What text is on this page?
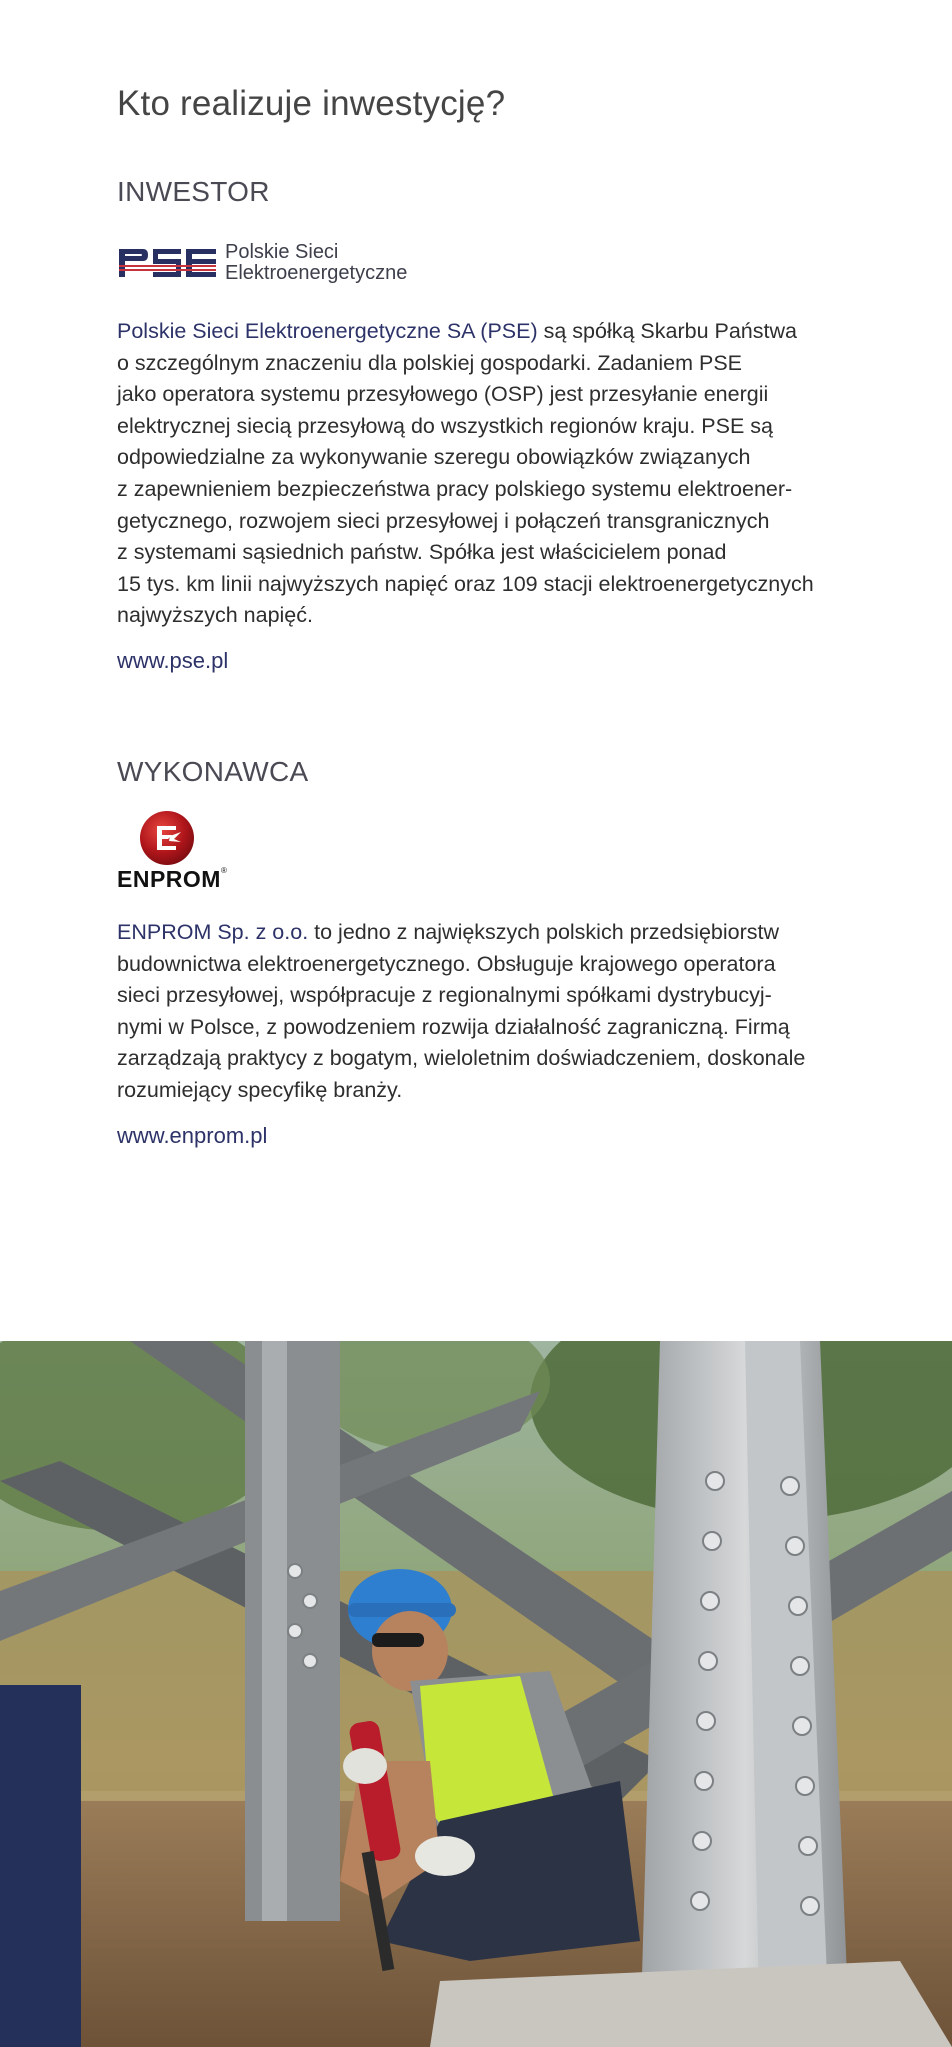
Kto realizuje inwestycję?
INWESTOR
Polskie Sieci
Elektroenergetyczne
Polskie Sieci Elektroenergetyczne SA (PSE) są spółką Skarbu Państwa
o szczególnym znaczeniu dla polskiej gospodarki. Zadaniem PSE
jako operatora systemu przesyłowego (OSP) jest przesyłanie energii
elektrycznej siecią przesyłową do wszystkich regionów kraju. PSE są
odpowiedzialne za wykonywanie szeregu obowiązków związanych
z zapewnieniem bezpieczeństwa pracy polskiego systemu elektroener-
getycznego, rozwojem sieci przesyłowej i połączeń transgranicznych
z systemami sąsiednich państw. Spółka jest właścicielem ponad
15 tys. km linii najwyższych napięć oraz 109 stacji elektroenergetycznych
najwyższych napięć.
www.pse.pl
WYKONAWCA
ENPROM®
ENPROM Sp. z o.o. to jedno z największych polskich przedsiębiorstw
budownictwa elektroenergetycznego. Obsługuje krajowego operatora
sieci przesyłowej, współpracuje z regionalnymi spółkami dystrybucyj-
nymi w Polsce, z powodzeniem rozwija działalność zagraniczną. Firmą
zarządzają praktycy z bogatym, wieloletnim doświadczeniem, doskonale
rozumiejący specyfikę branży.
www.enprom.pl
